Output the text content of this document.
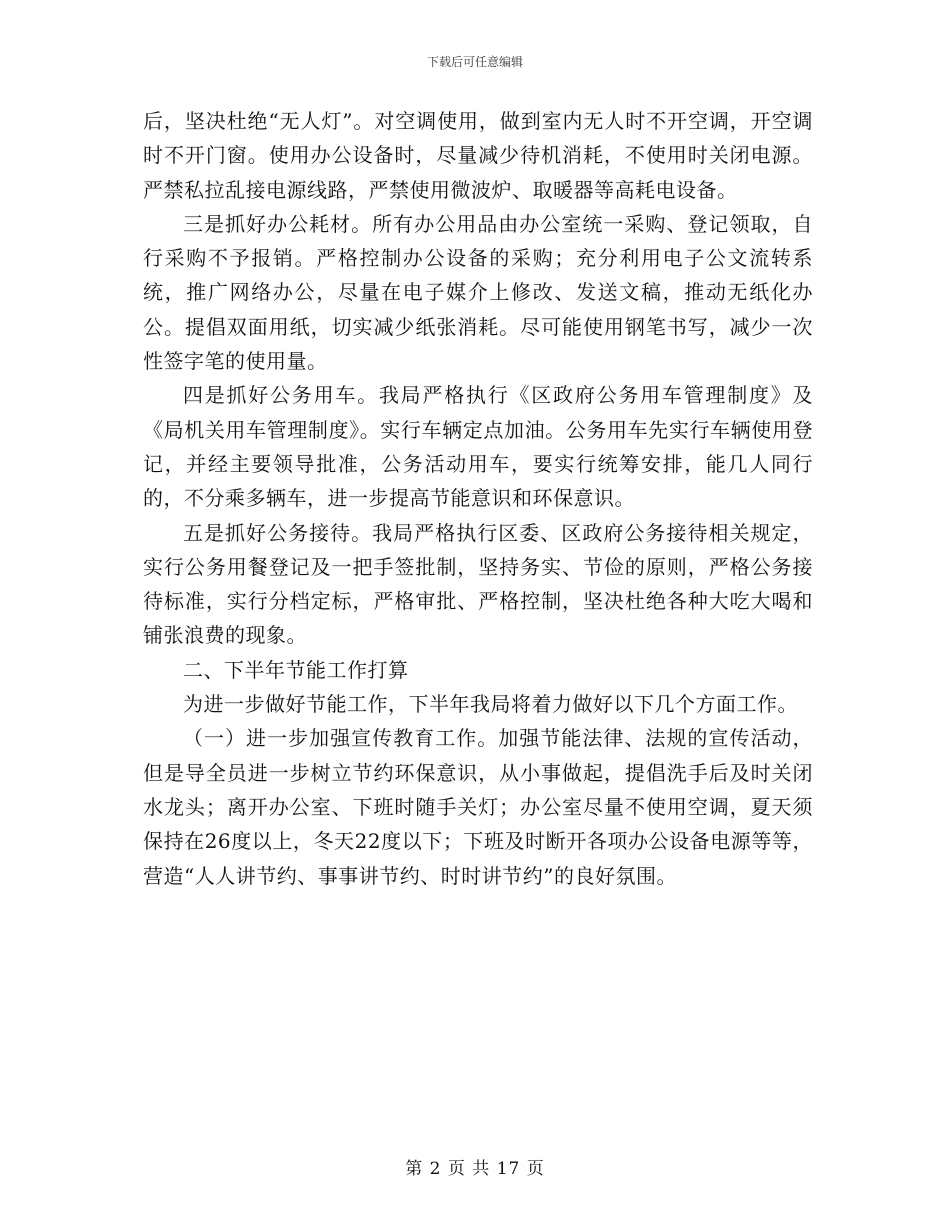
下载后可任意编辑

后，坚决杜绝“无人灯”。对空调使用，做到室内无人时不开空调，开空调时不开门窗。使用办公设备时，尽量减少待机消耗，不使用时关闭电源。严禁私拉乱接电源线路，严禁使用微波炉、取暖器等高耗电设备。

三是抓好办公耗材。所有办公用品由办公室统一采购、登记领取，自行采购不予报销。严格控制办公设备的采购；充分利用电子公文流转系统，推广网络办公，尽量在电子媒介上修改、发送文稿，推动无纸化办公。提倡双面用纸，切实减少纸张消耗。尽可能使用钢笔书写，减少一次性签字笔的使用量。

四是抓好公务用车。我局严格执行《区政府公务用车管理制度》及《局机关用车管理制度》。实行车辆定点加油。公务用车先实行车辆使用登记，并经主要领导批准，公务活动用车，要实行统筹安排，能几人同行的，不分乘多辆车，进一步提高节能意识和环保意识。

五是抓好公务接待。我局严格执行区委、区政府公务接待相关规定，实行公务用餐登记及一把手签批制，坚持务实、节俭的原则，严格公务接待标准，实行分档定标，严格审批、严格控制，坚决杜绝各种大吃大喝和铺张浪费的现象。

二、下半年节能工作打算

为进一步做好节能工作，下半年我局将着力做好以下几个方面工作。

（一）进一步加强宣传教育工作。加强节能法律、法规的宣传活动，但是导全员进一步树立节约环保意识，从小事做起，提倡洗手后及时关闭水龙头；离开办公室、下班时随手关灯；办公室尽量不使用空调，夏天须保持在26度以上，冬天22度以下；下班及时断开各项办公设备电源等等，营造“人人讲节约、事事讲节约、时时讲节约”的良好氛围。

第 2 页 共 17 页
